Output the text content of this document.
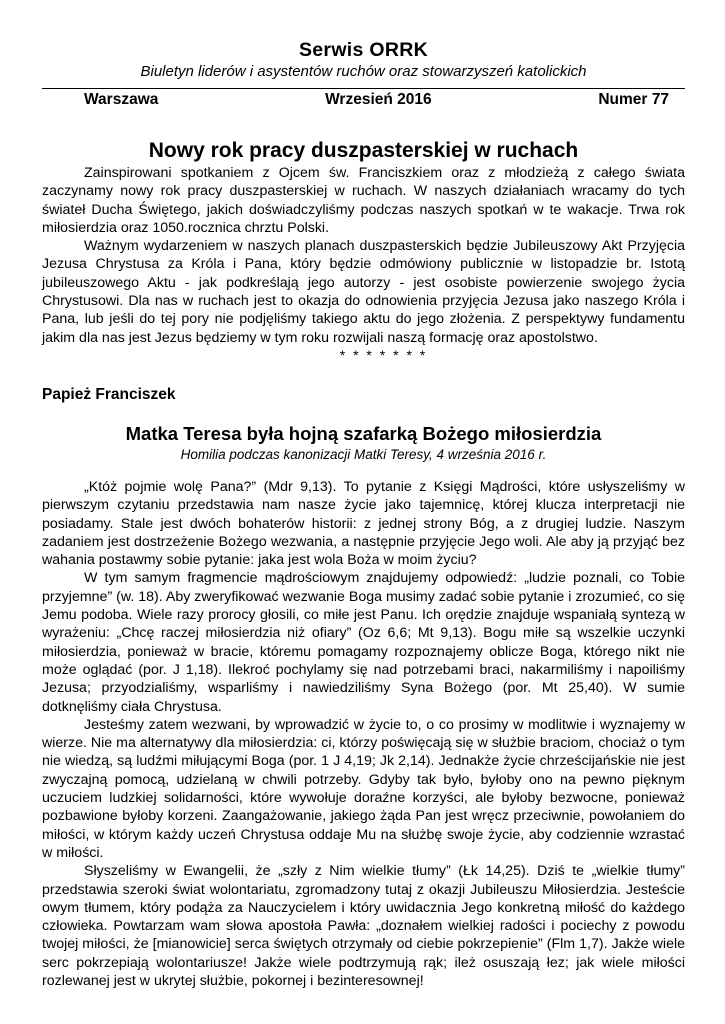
Serwis ORRK

Biuletyn liderów i asystentów ruchów oraz stowarzyszeń katolickich

Warszawa	Wrzesień 2016	Numer 77
Nowy rok pracy duszpasterskiej w ruchach

Zainspirowani spotkaniem z Ojcem św. Franciszkiem oraz z młodzieżą z całego świata zaczynamy nowy rok pracy duszpasterskiej w ruchach. W naszych działaniach wracamy do tych świateł Ducha Świętego, jakich doświadczyliśmy podczas naszych spotkań w te wakacje. Trwa rok miłosierdzia oraz 1050.rocznica chrztu Polski.

Ważnym wydarzeniem w naszych planach duszpasterskich będzie Jubileuszowy Akt Przyjęcia Jezusa Chrystusa za Króla i Pana, który będzie odmówiony publicznie w listopadzie br. Istotą jubileuszowego Aktu - jak podkreślają jego autorzy - jest osobiste powierzenie swojego życia Chrystusowi. Dla nas w ruchach jest to okazja do odnowienia przyjęcia Jezusa jako naszego Króla i Pana, lub jeśli do tej pory nie podjęliśmy takiego aktu do jego złożenia. Z perspektywy fundamentu jakim dla nas jest Jezus będziemy w tym roku rozwijali naszą formację oraz apostolstwo.

* * * * * * *
Papież Franciszek
Matka Teresa była hojną szafarką Bożego miłosierdzia

Homilia podczas kanonizacji Matki Teresy, 4 września 2016 r.

„Któż pojmie wolę Pana?” (Mdr 9,13). To pytanie z Księgi Mądrości, które usłyszeliśmy w pierwszym czytaniu przedstawia nam nasze życie jako tajemnicę, której klucza interpretacji nie posiadamy. Stale jest dwóch bohaterów historii: z jednej strony Bóg, a z drugiej ludzie. Naszym zadaniem jest dostrzeżenie Bożego wezwania, a następnie przyjęcie Jego woli. Ale aby ją przyjąć bez wahania postawmy sobie pytanie: jaka jest wola Boża w moim życiu?

W tym samym fragmencie mądrościowym znajdujemy odpowiedź: „ludzie poznali, co Tobie przyjemne” (w. 18). Aby zweryfikować wezwanie Boga musimy zadać sobie pytanie i zrozumieć, co się Jemu podoba. Wiele razy prorocy głosili, co miłe jest Panu. Ich orędzie znajduje wspaniałą syntezą w wyrażeniu: „Chcę raczej miłosierdzia niż ofiary” (Oz 6,6; Mt 9,13). Bogu miłe są wszelkie uczynki miłosierdzia, ponieważ w bracie, któremu pomagamy rozpoznajemy oblicze Boga, którego nikt nie może oglądać (por. J 1,18). Ilekroć pochylamy się nad potrzebami braci, nakarmiliśmy i napoiliśmy Jezusa; przyodzialiśmy, wsparliśmy i nawiedziliśmy Syna Bożego (por. Mt 25,40). W sumie dotknęliśmy ciała Chrystusa.

Jesteśmy zatem wezwani, by wprowadzić w życie to, o co prosimy w modlitwie i wyznajemy w wierze. Nie ma alternatywy dla miłosierdzia: ci, którzy poświęcają się w służbie braciom, chociaż o tym nie wiedzą, są ludźmi miłującymi Boga (por. 1 J 4,19; Jk 2,14). Jednakże życie chrześcijańskie nie jest zwyczajną pomocą, udzielaną w chwili potrzeby. Gdyby tak było, byłoby ono na pewno pięknym uczuciem ludzkiej solidarności, które wywołuje doraźne korzyści, ale byłoby bezwocne, ponieważ pozbawione byłoby korzeni. Zaangażowanie, jakiego żąda Pan jest wręcz przeciwnie, powołaniem do miłości, w którym każdy uczeń Chrystusa oddaje Mu na służbę swoje życie, aby codziennie wzrastać w miłości.

Słyszeliśmy w Ewangelii, że „szły z Nim wielkie tłumy” (Łk 14,25). Dziś te „wielkie tłumy” przedstawia szeroki świat wolontariatu, zgromadzony tutaj z okazji Jubileuszu Miłosierdzia. Jesteście owym tłumem, który podąża za Nauczycielem i który uwidacznia Jego konkretną miłość do każdego człowieka. Powtarzam wam słowa apostoła Pawła: „doznałem wielkiej radości i pociechy z powodu twojej miłości, że [mianowicie] serca świętych otrzymały od ciebie pokrzepienie” (Flm 1,7). Jakże wiele serc pokrzepiają wolontariusze! Jakże wiele podtrzymują rąk; ileż osuszają łez; jak wiele miłości rozlewanej jest w ukrytej służbie, pokornej i bezinteresownej!
